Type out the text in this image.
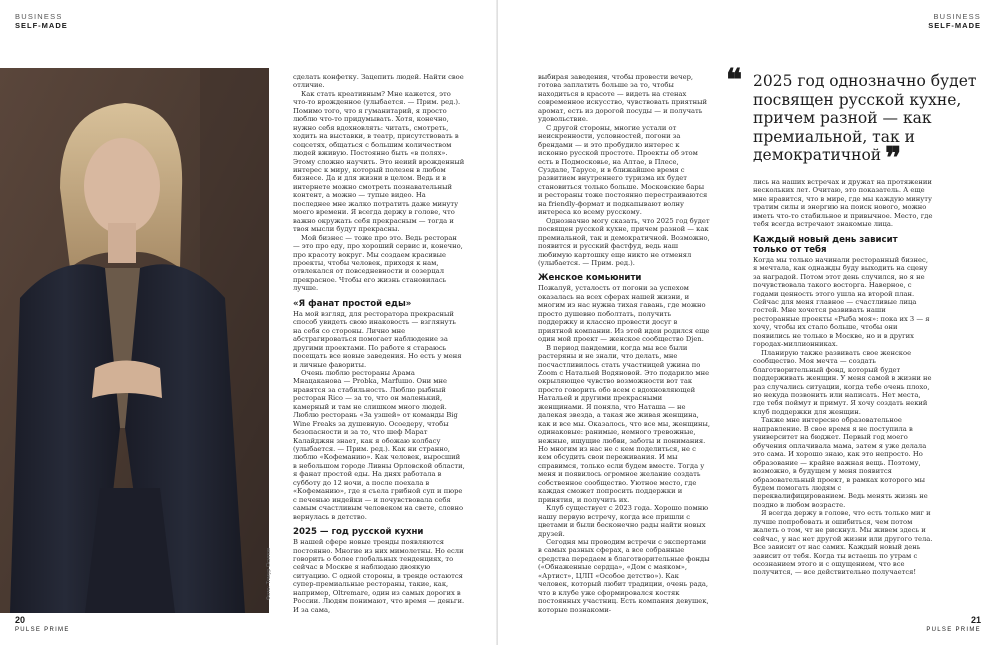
BUSINESS
SELF-MADE
Фото: Тимур Осипов

сделать конфетку. Зацепить людей. Найти свое отличие.

Как стать креативным? Мне кажется, это что-то врожденное (улыбается. — Прим. ред.). Помимо того, что я гуманитарий, я просто люблю что-то придумывать. Хотя, конечно, нужно себя вдохновлять: читать, смотреть, ходить на выставки, в театр, присутствовать в соцсетях, общаться с большим количеством людей вживую. Постоянно быть «в полях». Этому сложно научить. Это неиий врожденный интерес к миру, который полезен в любом бизнесе. Да и для жизни в целом. Ведь и в интернете можно смотреть познавательный контент, а можно — тупые видео. На последнее мне жалко потратить даже минуту моего времени. Я всегда держу в голове, что важно окружать себя прекрасным — тогда и твоя мысли будут прекрасны.

Мой бизнес — тоже про это. Ведь ресторан — это про еду, про хороший сервис и, конечно, про красоту вокруг. Мы создаем красивые проекты, чтобы человек, приходя к нам, отвлекался от повседневности и созерцал прекрасное. Чтобы его жизнь становилась лучше.

«Я фанат простой еды»

На мой взгляд, для ресторатора прекрасный способ увидеть свою инаковость — взглянуть на себя со стороны. Лично мне абстрагироваться помогает наблюдение за другими проектами. По работе я стараюсь посещать все новые заведения. Но есть у меня и личные фавориты.

Очень люблю рестораны Арама Мнацаканова — Probka, Marfuшo. Они мне нравятся за стабильность. Люблю рыбный ресторан Rico — за то, что он маленький, камерный и там не слишком много людей. Люблю ресторань «За узшей» от команды Big Wine Freaks за душевную. Осоедеру, чтобы безопасности и за то, что шеф Марат Калайджян знает, как я обожаю колбасу (улыбается. — Прим. ред.). Как ни странно, люблю «Кофеманию». Как человек, выросший в небольшом городе Ливны Орловской области, я фанат простой еды. На днях работала в субботу до 12 ночи, а после поехала в «Кофеманию», где я съела грибной суп и пюре с печенью индейки — и почувствовала себя самым счастливым человеком на свете, словно вернулась в детство.

2025 — год русской кухни

В нашей сфере новые тренды появляются постоянно. Многие из них мимолетны. Но если говорить о более глобальных тенденциях, то сейчас в Москве я наблюдаю двоякую ситуацию. С одной стороны, в тренде остаются супер-премиальные рестораны, такие, как, например, Oltremare, один из самых дорогих в России. Людям понимают, что время — деньги. И за сама,

20
PULSE PRIME
BUSINESS
SELF-MADE

выбирая заведения, чтобы провести вечер, готова заплатить больше за то, чтобы находиться в красоте — видеть на стенах современное искусство, чувствовать приятный аромат, есть из дорогой посуды — и получать удовольствие.

С другой стороны, многие устали от неискренности, условностей, погони за брендами — и это пробудило интерес к исконно русской простоте. Проекты об этом есть в Подмосковье, на Алтае, в Плесе, Суздале, Тарусе, и в ближайшее время с развитием внутреннего туризма их будет становиться только больше. Московские бары и рестораны тоже постоянно перестраиваются на friendly-формат и подкапывают волну интереса ко всему русскому.

Однозначно могу сказать, что 2025 год будет посвящен русской кухне, причем разной — как премиальной, так и демократичной. Возможно, появится и русский фастфуд, ведь наш любимую картошку еще никто не отменял (улыбается. — Прим. ред.).

Женское комьюнити

Пожалуй, усталость от погони за успехом оказалась на всех сферах нашей жизни, и многим из нас нужна тихая гавань, где можно просто душевно поболтать, получить поддержку и классно провести досуг в приятной компании. Из этой идеи родился еще один мой проект — женское сообщество Djen.

В период пандемии, когда мы все были растеряны и не знали, что делать, мне посчастливилось стать участницей ужина по Zoom с Натальей Водяновой. Это подарило мне окрыляющее чувство возможности вот так просто говорить обо всем с вдохновляющей Натальей и другими прекрасными женщинами. Я поняла, что Наташа — не далекая звезда, а такая же живая женщина, как и все мы. Оказалось, что все мы, женщины, одинаковые: ранимые, немного тревожные, нежные, ищущие любви, заботы и понимания. Но многим из нас не с кем поделиться, не с кем обсудить свои переживания. И мы справимся, только если будем вместе. Тогда у меня и появилось огромное желание создать собственное сообщество. Уютное место, где каждая сможет попросить поддержки и принятия, и получить их.

Клуб существует с 2023 года. Хорошо помню нашу первую встречу, когда все пришли с цветами и были бесконечно рады найти новых друзей.

Сегодня мы проводим встречи с экспертами в самых разных сферах, а все собранные средства передаем в благотворительные фонды («Обнаженные сердца», «Дом с маяком», «Артист», ЦЛП «Особое детство»). Как человек, который любит традиции, очень рада, что в клубе уже сформировался костяк постоянных участниц. Есть компания девушек, которые познакоми-

❝ 2025 год однозначно будет посвящен русской кухне, причем разной — как премиальной, так и демократичной ❞

лись на наших встречах и дружат на протяжении нескольких лет. Очитаю, это показатель. А еще мне нравится, что в мире, где мы каждую минуту тратим силы и энергию на поиск нового, можно иметь что-то стабильное и привычное. Место, где тебя всегда встречают знакомые лица.

Каждый новый день зависит только от тебя

Когда мы только начинали ресторанный бизнес, я мечтала, как однажды буду выходить на сцену за наградой. Потом этот день случился, но я не почувствовала такого восторга. Наверное, с годами ценность этого ушла на второй план. Сейчас для меня главное — счастливые лица гостей. Мне хочется развивать наши ресторанные проекты «Рыба моя»: пока их 3 — я хочу, чтобы их стало больше, чтобы они появились не только в Москве, но и в других городах-миллионниках.

Планирую также развивать свое женское сообщество. Моя мечта — создать благотворительный фонд, который будет поддерживать женщин. У меня самой в жизни не раз случались ситуации, когда тебе очень плохо, но некуда позвонить или написать. Нет места, где тебя поймут и примут. Я хочу создать некий клуб поддержки для женщин.

Также мне интересно образовательное направление. В свое время я не поступила в университет на бюджет. Первый год моего обучения оплачивала мама, затем я уже делала это сама. И хорошо знаю, как это непросто. Но образование — крайне важная вещь. Поэтому, возможно, в будущем у меня появится образовательный проект, в рамках которого мы будем помогать людям с переквалифицированием. Ведь менять жизнь не поздно в любом возрасте.

Я всегда держу в голове, что есть только миг и лучше попробовать и ошибиться, чем потом жалеть о том, чт не рискнул. Мы живем здесь и сейчас, у нас нет другой жизни или другого тела. Все зависит от нас самих. Каждый новый день зависит от тебя. Когда ты встаешь по утрам с осознанием этого и с ощущением, что все получится, — все действительно получается!

21
PULSE PRIME
